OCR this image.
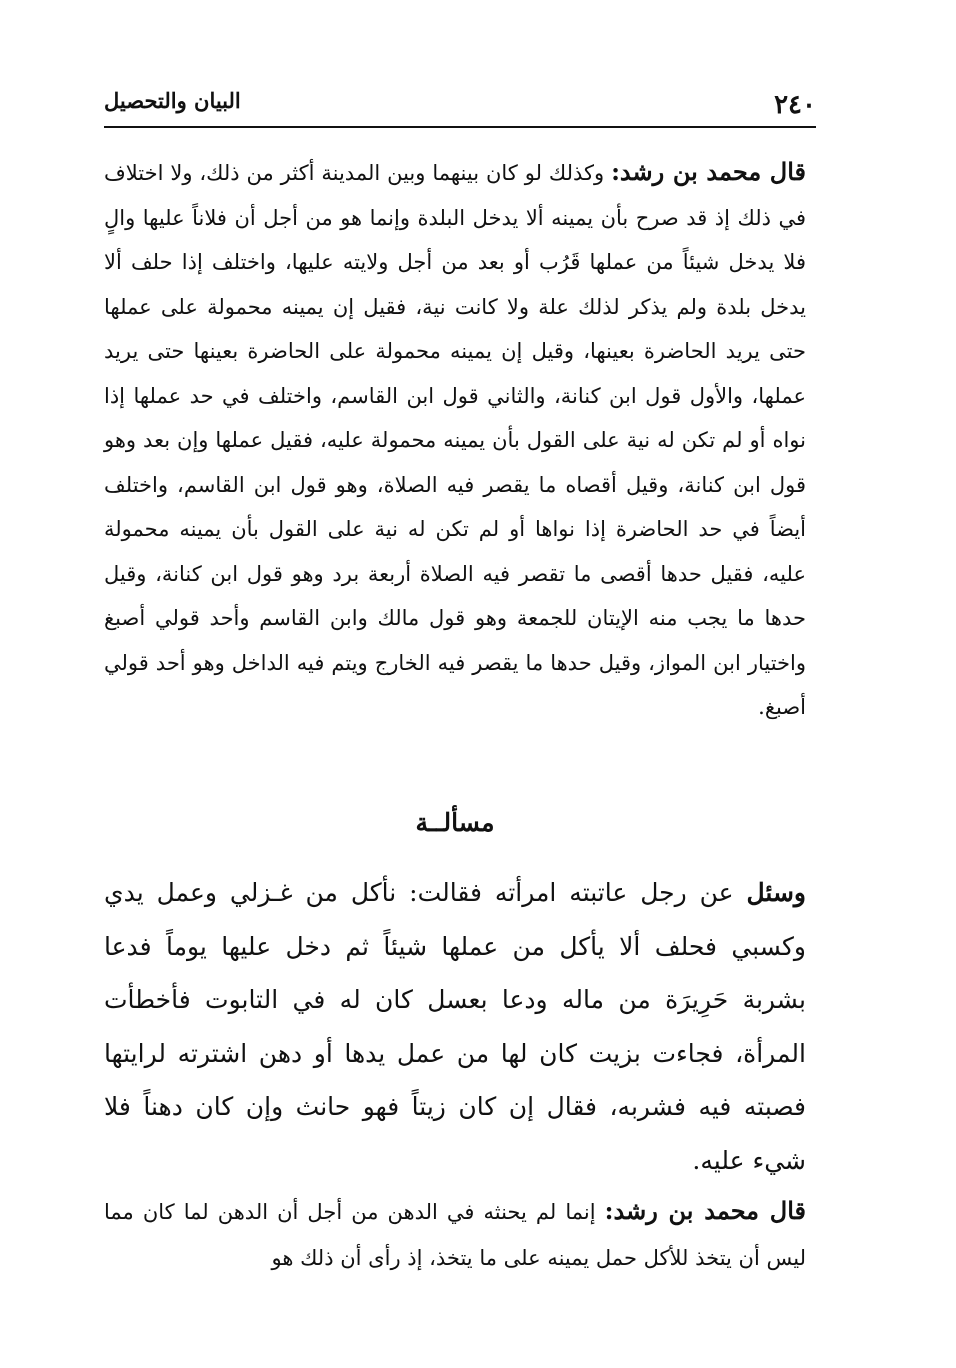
٢٤٠
البيان والتحصيل
قال محمد بن رشد: وكذلك لو كان بينهما وبين المدينة أكثر من ذلك، ولا اختلاف في ذلك إذ قد صرح بأن يمينه ألا يدخل البلدة وإنما هو من أجل أن فلاناً عليها والٍ فلا يدخل شيئاً من عملها قَرُب أو بعد من أجل ولايته عليها، واختلف إذا حلف ألا يدخل بلدة ولم يذكر لذلك علة ولا كانت نية، فقيل إن يمينه محمولة على عملها حتى يريد الحاضرة بعينها، وقيل إن يمينه محمولة على الحاضرة بعينها حتى يريد عملها، والأول قول ابن كنانة، والثاني قول ابن القاسم، واختلف في حد عملها إذا نواه أو لم تكن له نية على القول بأن يمينه محمولة عليه، فقيل عملها وإن بعد وهو قول ابن كنانة، وقيل أقصاه ما يقصر فيه الصلاة، وهو قول ابن القاسم، واختلف أيضاً في حد الحاضرة إذا نواها أو لم تكن له نية على القول بأن يمينه محمولة عليه، فقيل حدها أقصى ما تقصر فيه الصلاة أربعة برد وهو قول ابن كنانة، وقيل حدها ما يجب منه الإيتان للجمعة وهو قول مالك وابن القاسم وأحد قولي أصبغ واختيار ابن المواز، وقيل حدها ما يقصر فيه الخارج ويتم فيه الداخل وهو أحد قولي أصبغ.
مسألــة
وسئل عن رجل عاتبته امرأته فقالت: نأكل من غـزلي وعمل يدي وكسبي فحلف ألا يأكل من عملها شيئاً ثم دخل عليها يوماً فدعا بشربة حَرِيرَة من ماله ودعا بعسل كان له في التابوت فأخطأت المرأة، فجاءت بزيت كان لها من عمل يدها أو دهن اشترته لرايتها فصبته فيه فشربه، فقال إن كان زيتاً فهو حانث وإن كان دهناً فلا شيء عليه.
قال محمد بن رشد: إنما لم يحنثه في الدهن من أجل أن الدهن لما كان مما ليس أن يتخذ للأكل حمل يمينه على ما يتخذ، إذ رأى أن ذلك هو
